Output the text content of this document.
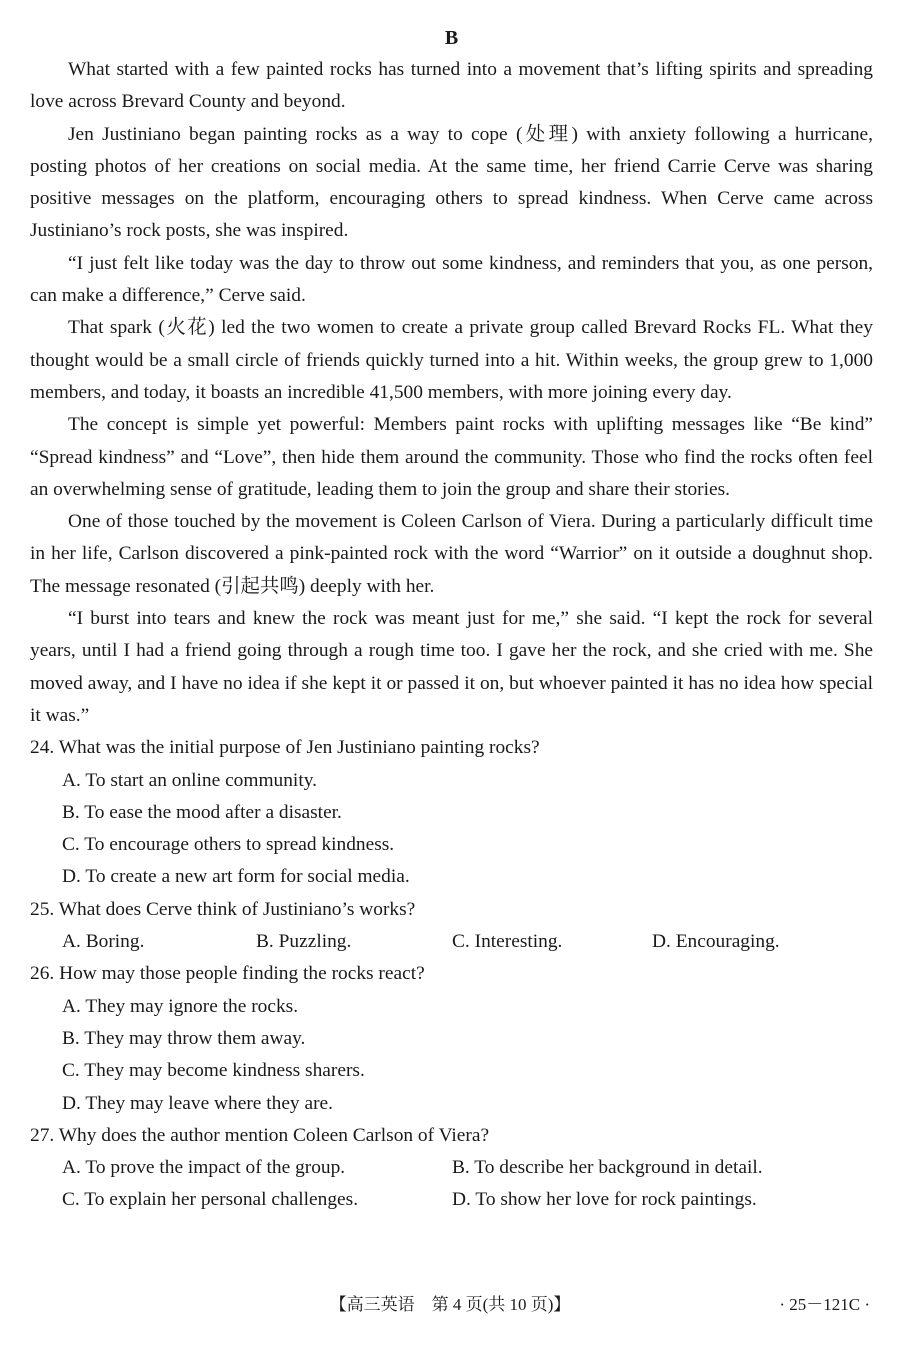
B

What started with a few painted rocks has turned into a movement that’s lifting spirits and spreading love across Brevard County and beyond.

Jen Justiniano began painting rocks as a way to cope (处理) with anxiety following a hurricane, posting photos of her creations on social media. At the same time, her friend Carrie Cerve was sharing positive messages on the platform, encouraging others to spread kindness. When Cerve came across Justiniano’s rock posts, she was inspired.

“I just felt like today was the day to throw out some kindness, and reminders that you, as one person, can make a difference,” Cerve said.

That spark (火花) led the two women to create a private group called Brevard Rocks FL. What they thought would be a small circle of friends quickly turned into a hit. Within weeks, the group grew to 1,000 members, and today, it boasts an incredible 41,500 members, with more joining every day.

The concept is simple yet powerful: Members paint rocks with uplifting messages like “Be kind” “Spread kindness” and “Love”, then hide them around the community. Those who find the rocks often feel an overwhelming sense of gratitude, leading them to join the group and share their stories.

One of those touched by the movement is Coleen Carlson of Viera. During a particularly difficult time in her life, Carlson discovered a pink-painted rock with the word “Warrior” on it outside a doughnut shop. The message resonated (引起共鸣) deeply with her.

“I burst into tears and knew the rock was meant just for me,” she said. “I kept the rock for several years, until I had a friend going through a rough time too. I gave her the rock, and she cried with me. She moved away, and I have no idea if she kept it or passed it on, but whoever painted it has no idea how special it was.”

24. What was the initial purpose of Jen Justiniano painting rocks?

A. To start an online community.

B. To ease the mood after a disaster.

C. To encourage others to spread kindness.

D. To create a new art form for social media.

25. What does Cerve think of Justiniano’s works?

A. Boring.	B. Puzzling.	C. Interesting.	D. Encouraging.

26. How may those people finding the rocks react?

A. They may ignore the rocks.

B. They may throw them away.

C. They may become kindness sharers.

D. They may leave where they are.

27. Why does the author mention Coleen Carlson of Viera?

A. To prove the impact of the group.	B. To describe her background in detail.
C. To explain her personal challenges.	D. To show her love for rock paintings.
【高三英语　第 4 页(共 10 页)】	· 25－121C ·
